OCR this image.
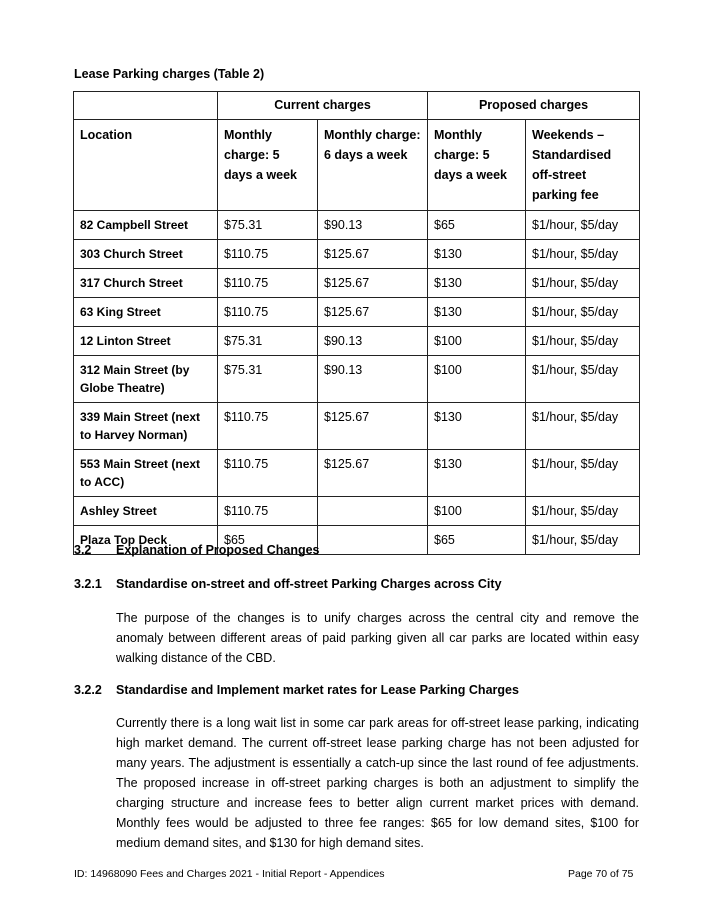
Lease Parking charges (Table 2)
	Current charges		Proposed charges	
Location	Monthly charge: 5 days a week	Monthly charge: 6 days a week	Monthly charge: 5 days a week	Weekends – Standardised off-street parking fee
82 Campbell Street	$75.31	$90.13	$65	$1/hour, $5/day
303 Church Street	$110.75	$125.67	$130	$1/hour, $5/day
317 Church Street	$110.75	$125.67	$130	$1/hour, $5/day
63 King Street	$110.75	$125.67	$130	$1/hour, $5/day
12 Linton Street	$75.31	$90.13	$100	$1/hour, $5/day
312 Main Street (by Globe Theatre)	$75.31	$90.13	$100	$1/hour, $5/day
339 Main Street (next to Harvey Norman)	$110.75	$125.67	$130	$1/hour, $5/day
553 Main Street (next to ACC)	$110.75	$125.67	$130	$1/hour, $5/day
Ashley Street	$110.75		$100	$1/hour, $5/day
Plaza Top Deck	$65		$65	$1/hour, $5/day
3.2 Explanation of Proposed Changes
3.2.1 Standardise on-street and off-street Parking Charges across City

The purpose of the changes is to unify charges across the central city and remove the anomaly between different areas of paid parking given all car parks are located within easy walking distance of the CBD.

3.2.2 Standardise and Implement market rates for Lease Parking Charges

Currently there is a long wait list in some car park areas for off-street lease parking, indicating high market demand. The current off-street lease parking charge has not been adjusted for many years. The adjustment is essentially a catch-up since the last round of fee adjustments. The proposed increase in off-street parking charges is both an adjustment to simplify the charging structure and increase fees to better align current market prices with demand. Monthly fees would be adjusted to three fee ranges: $65 for low demand sites, $100 for medium demand sites, and $130 for high demand sites.

ID: 14968090 Fees and Charges 2021 - Initial Report - Appendices	Page 70 of 75
